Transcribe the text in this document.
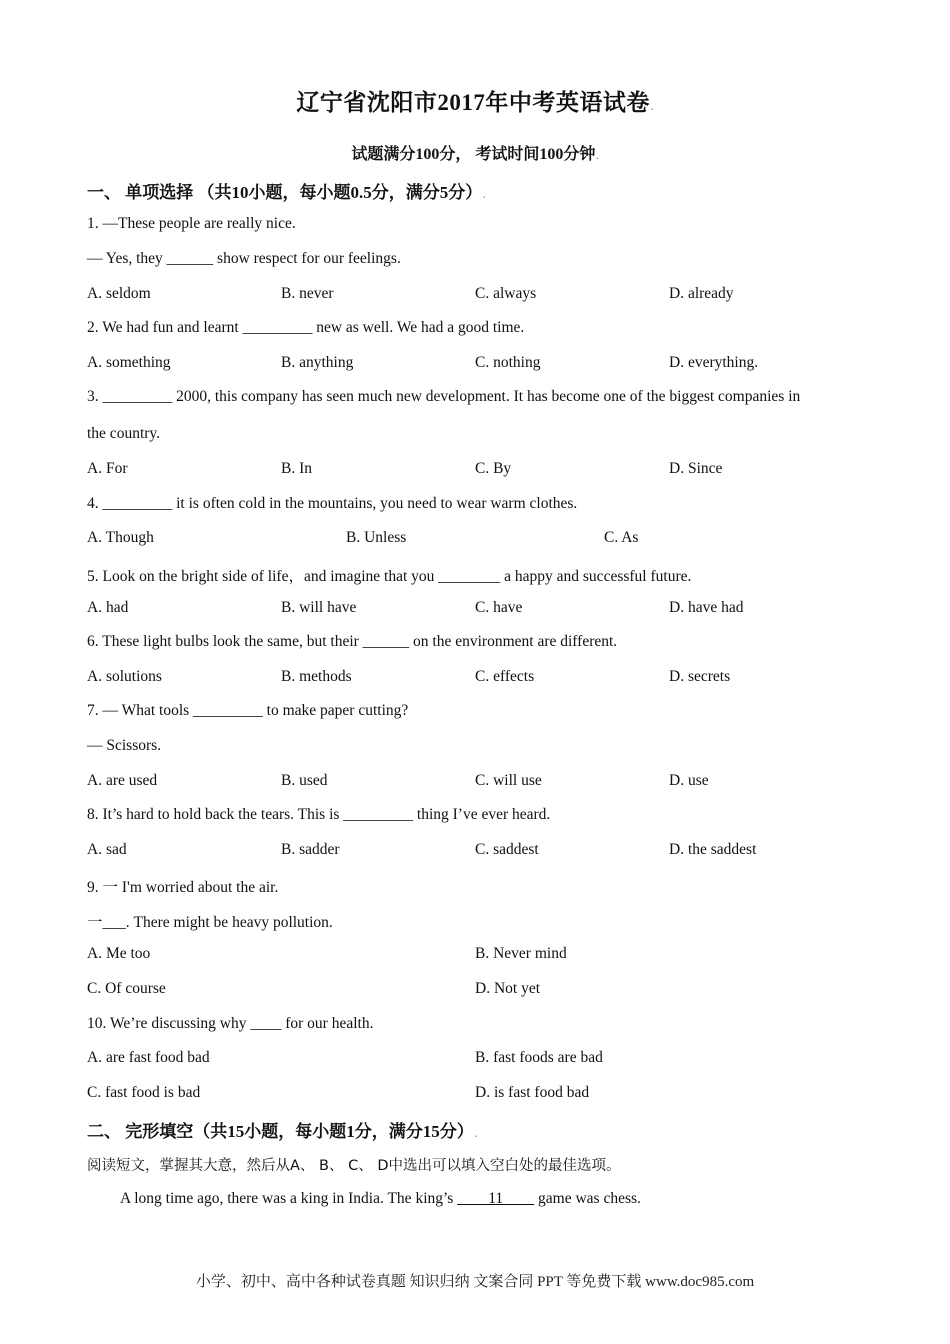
辽宁省沈阳市2017年中考英语试卷.
试题满分100分， 考试时间100分钟.
一、 单项选择 （共10小题，每小题0.5分，满分5分）.
1. —These people are really nice.
— Yes, they ______ show respect for our feelings.
A. seldom	B. never	C. always	D. already
2. We had fun and learnt _________ new as well. We had a good time.
A. something	B. anything	C. nothing	D. everything.
3. _________ 2000, this company has seen much new development. It has become one of the biggest companies in
the country.
A. For	B. In	C. By	D. Since
4. _________ it is often cold in the mountains, you need to wear warm clothes.
A. Though	B. Unless	C. As
5. Look on the bright side of life，and imagine that you ________ a happy and successful future.
A. had	B. will have	C. have	D. have had
6. These light bulbs look the same, but their ______ on the environment are different.
A. solutions	B. methods	C. effects	D. secrets
7. — What tools _________ to make paper cutting?
— Scissors.
A. are used	B. used	C. will use	D. use
8. It’s hard to hold back the tears. This is _________ thing I’ve ever heard.
A. sad	B. sadder	C. saddest	D. the saddest
9. 一 I'm worried about the air.
一___. There might be heavy pollution.
A. Me too	B. Never mind
C. Of course	D. Not yet
10. We’re discussing why ____ for our health.
A. are fast food bad	B. fast foods are bad
C. fast food is bad	D. is fast food bad
二、 完形填空（共15小题，每小题1分，满分15分）.
阅读短文，掌握其大意，然后从A、 B、 C、 D中选出可以填入空白处的最佳选项。
A long time ago, there was a king in India. The king’s ____11____ game was chess.
小学、初中、高中各种试卷真题 知识归纳 文案合同 PPT 等免费下载 www.doc985.com
